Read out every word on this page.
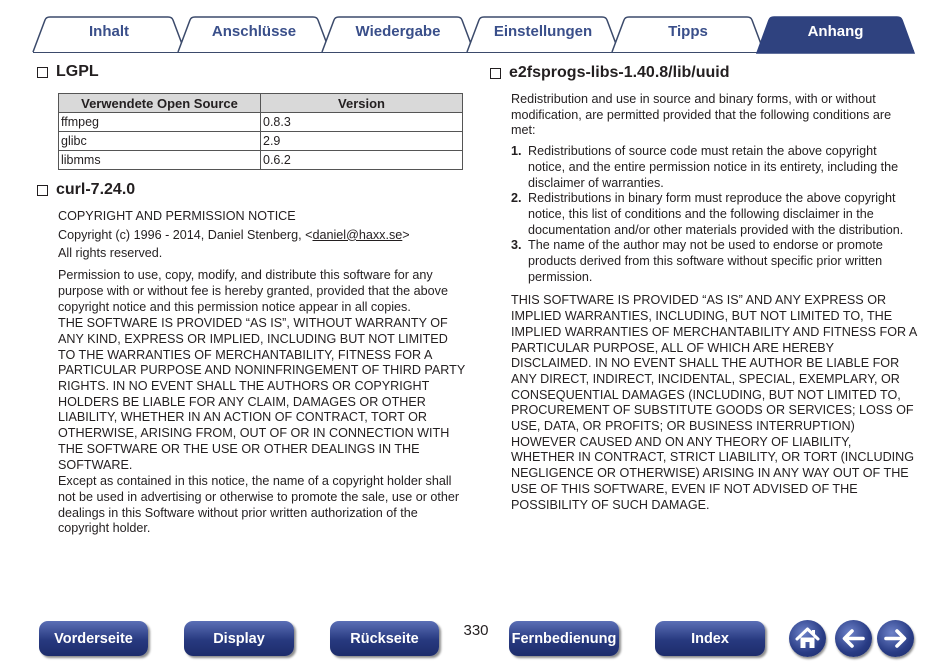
Inhalt	Anschlüsse	Wiedergabe	Einstellungen	Tipps	Anhang
LGPL
Verwendete Open Source	Version
ffmpeg	0.8.3
glibc	2.9
libmms	0.6.2
curl-7.24.0

COPYRIGHT AND PERMISSION NOTICE

Copyright (c) 1996 - 2014, Daniel Stenberg, <daniel@haxx.se>

All rights reserved.

Permission to use, copy, modify, and distribute this software for any purpose with or without fee is hereby granted, provided that the above copyright notice and this permission notice appear in all copies.

THE SOFTWARE IS PROVIDED “AS IS”, WITHOUT WARRANTY OF ANY KIND, EXPRESS OR IMPLIED, INCLUDING BUT NOT LIMITED TO THE WARRANTIES OF MERCHANTABILITY, FITNESS FOR A PARTICULAR PURPOSE AND NONINFRINGEMENT OF THIRD PARTY RIGHTS. IN NO EVENT SHALL THE AUTHORS OR COPYRIGHT HOLDERS BE LIABLE FOR ANY CLAIM, DAMAGES OR OTHER LIABILITY, WHETHER IN AN ACTION OF CONTRACT, TORT OR OTHERWISE, ARISING FROM, OUT OF OR IN CONNECTION WITH THE SOFTWARE OR THE USE OR OTHER DEALINGS IN THE SOFTWARE.

Except as contained in this notice, the name of a copyright holder shall not be used in advertising or otherwise to promote the sale, use or other dealings in this Software without prior written authorization of the copyright holder.

e2fsprogs-libs-1.40.8/lib/uuid

Redistribution and use in source and binary forms, with or without modification, are permitted provided that the following conditions are met:

1. Redistributions of source code must retain the above copyright notice, and the entire permission notice in its entirety, including the disclaimer of warranties.
2. Redistributions in binary form must reproduce the above copyright notice, this list of conditions and the following disclaimer in the documentation and/or other materials provided with the distribution.
3. The name of the author may not be used to endorse or promote products derived from this software without specific prior written permission.

THIS SOFTWARE IS PROVIDED “AS IS” AND ANY EXPRESS OR IMPLIED WARRANTIES, INCLUDING, BUT NOT LIMITED TO, THE IMPLIED WARRANTIES OF MERCHANTABILITY AND FITNESS FOR A PARTICULAR PURPOSE, ALL OF WHICH ARE HEREBY DISCLAIMED. IN NO EVENT SHALL THE AUTHOR BE LIABLE FOR ANY DIRECT, INDIRECT, INCIDENTAL, SPECIAL, EXEMPLARY, OR CONSEQUENTIAL DAMAGES (INCLUDING, BUT NOT LIMITED TO, PROCUREMENT OF SUBSTITUTE GOODS OR SERVICES; LOSS OF USE, DATA, OR PROFITS; OR BUSINESS INTERRUPTION) HOWEVER CAUSED AND ON ANY THEORY OF LIABILITY, WHETHER IN CONTRACT, STRICT LIABILITY, OR TORT (INCLUDING NEGLIGENCE OR OTHERWISE) ARISING IN ANY WAY OUT OF THE USE OF THIS SOFTWARE, EVEN IF NOT ADVISED OF THE POSSIBILITY OF SUCH DAMAGE.

Vorderseite	Display	Rückseite	330	Fernbedienung	Index
